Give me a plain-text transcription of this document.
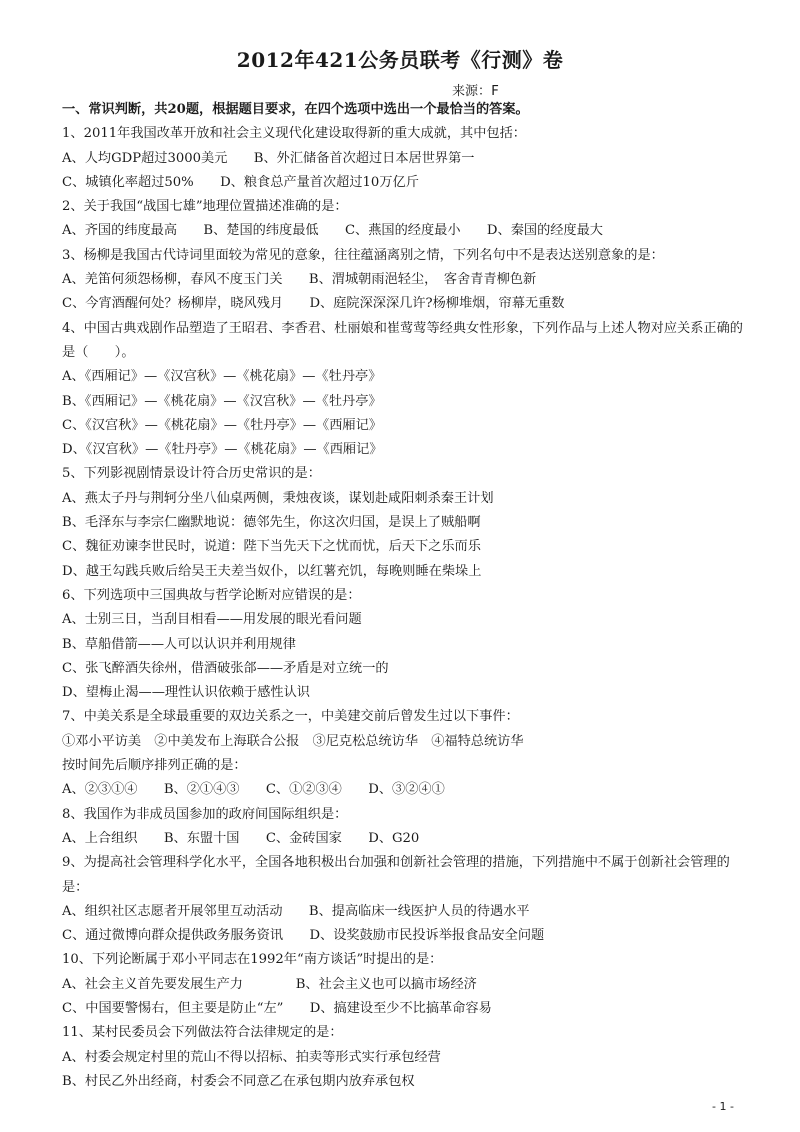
2012年421公务员联考《行测》卷
来源：F
一、常识判断，共20题，根据题目要求，在四个选项中选出一个最恰当的答案。
1、2011年我国改革开放和社会主义现代化建设取得新的重大成就，其中包括：
A、人均GDP超过3000美元　　B、外汇储备首次超过日本居世界第一
C、城镇化率超过50%　　D、粮食总产量首次超过10万亿斤
2、关于我国“战国七雄”地理位置描述准确的是：
A、齐国的纬度最高　　B、楚国的纬度最低　　C、燕国的经度最小　　D、秦国的经度最大
3、杨柳是我国古代诗词里面较为常见的意象，往往蕴涵离别之情，下列名句中不是表达送别意象的是：
A、羌笛何须怨杨柳，春风不度玉门关　　B、渭城朝雨浥轻尘，　客舍青青柳色新
C、今宵酒醒何处？杨柳岸，晓风残月　　D、庭院深深深几许?杨柳堆烟，帘幕无重数
4、中国古典戏剧作品塑造了王昭君、李香君、杜丽娘和崔莺莺等经典女性形象，下列作品与上述人物对应关系正确的是（　　）。
A、《西厢记》—《汉宫秋》—《桃花扇》—《牡丹亭》
B、《西厢记》—《桃花扇》—《汉宫秋》—《牡丹亭》
C、《汉宫秋》—《桃花扇》—《牡丹亭》—《西厢记》
D、《汉宫秋》—《牡丹亭》—《桃花扇》—《西厢记》
5、下列影视剧情景设计符合历史常识的是：
A、燕太子丹与荆轲分坐八仙桌两侧，秉烛夜谈，谋划赴咸阳刺杀秦王计划
B、毛泽东与李宗仁幽默地说：德邻先生，你这次归国，是误上了贼船啊
C、魏征劝谏李世民时，说道：陛下当先天下之忧而忧，后天下之乐而乐
D、越王勾践兵败后给吴王夫差当奴仆，以红薯充饥，每晚则睡在柴垛上
6、下列选项中三国典故与哲学论断对应错误的是：
A、士别三日，当刮目相看——用发展的眼光看问题
B、草船借箭——人可以认识并利用规律
C、张飞醉酒失徐州，借酒破张郃——矛盾是对立统一的
D、望梅止渴——理性认识依赖于感性认识
7、中美关系是全球最重要的双边关系之一，中美建交前后曾发生过以下事件：
①邓小平访美　②中美发布上海联合公报　③尼克松总统访华　④福特总统访华
按时间先后顺序排列正确的是：
A、②③①④　　B、②①④③　　C、①②③④　　D、③②④①
8、我国作为非成员国参加的政府间国际组织是：
A、上合组织　　B、东盟十国　　C、金砖国家　　D、G20
9、为提高社会管理科学化水平，全国各地积极出台加强和创新社会管理的措施，下列措施中不属于创新社会管理的是：
A、组织社区志愿者开展邻里互动活动　　B、提高临床一线医护人员的待遇水平
C、通过微博向群众提供政务服务资讯　　D、设奖鼓励市民投诉举报食品安全问题
10、下列论断属于邓小平同志在1992年“南方谈话”时提出的是：
A、社会主义首先要发展生产力　　　　B、社会主义也可以搞市场经济
C、中国要警惕右，但主要是防止“左”　　D、搞建设至少不比搞革命容易
11、某村民委员会下列做法符合法律规定的是：
A、村委会规定村里的荒山不得以招标、拍卖等形式实行承包经营
B、村民乙外出经商，村委会不同意乙在承包期内放弃承包权
- 1 -
